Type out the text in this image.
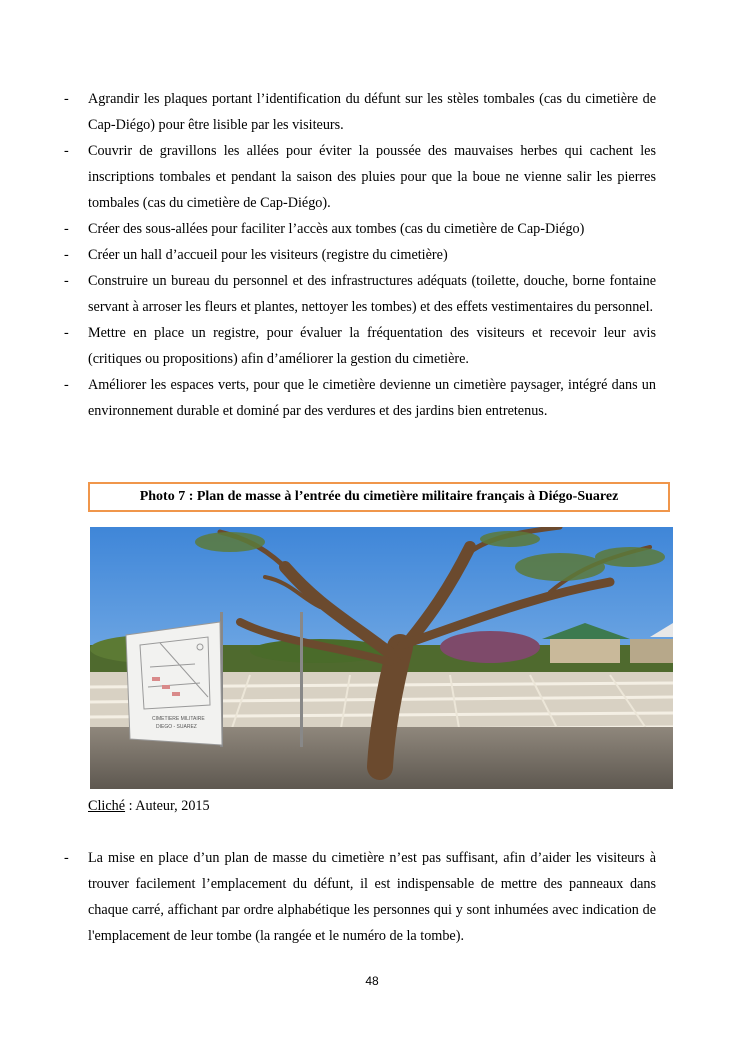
- Agrandir les plaques portant l’identification du défunt sur les stèles tombales (cas du cimetière de Cap-Diégo) pour être lisible par les visiteurs.
- Couvrir de gravillons les allées pour éviter la poussée des mauvaises herbes qui cachent les inscriptions tombales et pendant la saison des pluies pour que la boue ne vienne salir les pierres tombales (cas du cimetière de Cap-Diégo).
- Créer des sous-allées pour faciliter l’accès aux tombes (cas du cimetière de Cap-Diégo)
- Créer un hall d’accueil pour les visiteurs (registre du cimetière)
- Construire un bureau du personnel et des infrastructures adéquats (toilette, douche, borne fontaine servant à arroser les fleurs et plantes, nettoyer les tombes) et des effets vestimentaires du personnel.
- Mettre en place un registre, pour évaluer la fréquentation des visiteurs et recevoir leur avis (critiques ou propositions) afin d’améliorer la gestion du cimetière.
- Améliorer les espaces verts, pour que le cimetière devienne un cimetière paysager, intégré dans un environnement durable et dominé par des verdures et des jardins bien entretenus.
Photo 7 : Plan de masse à l’entrée du cimetière militaire français à Diégo-Suarez
CIMETIERE MILITAIRE
DIEGO - SUAREZ
Cliché : Auteur, 2015
- La mise en place d’un plan de masse du cimetière n’est pas suffisant, afin d’aider les visiteurs à trouver facilement l’emplacement du défunt, il est indispensable de mettre des panneaux dans chaque carré, affichant par ordre alphabétique les personnes qui y sont inhumées avec indication de l'emplacement de leur tombe (la rangée et le numéro de la tombe).
48
